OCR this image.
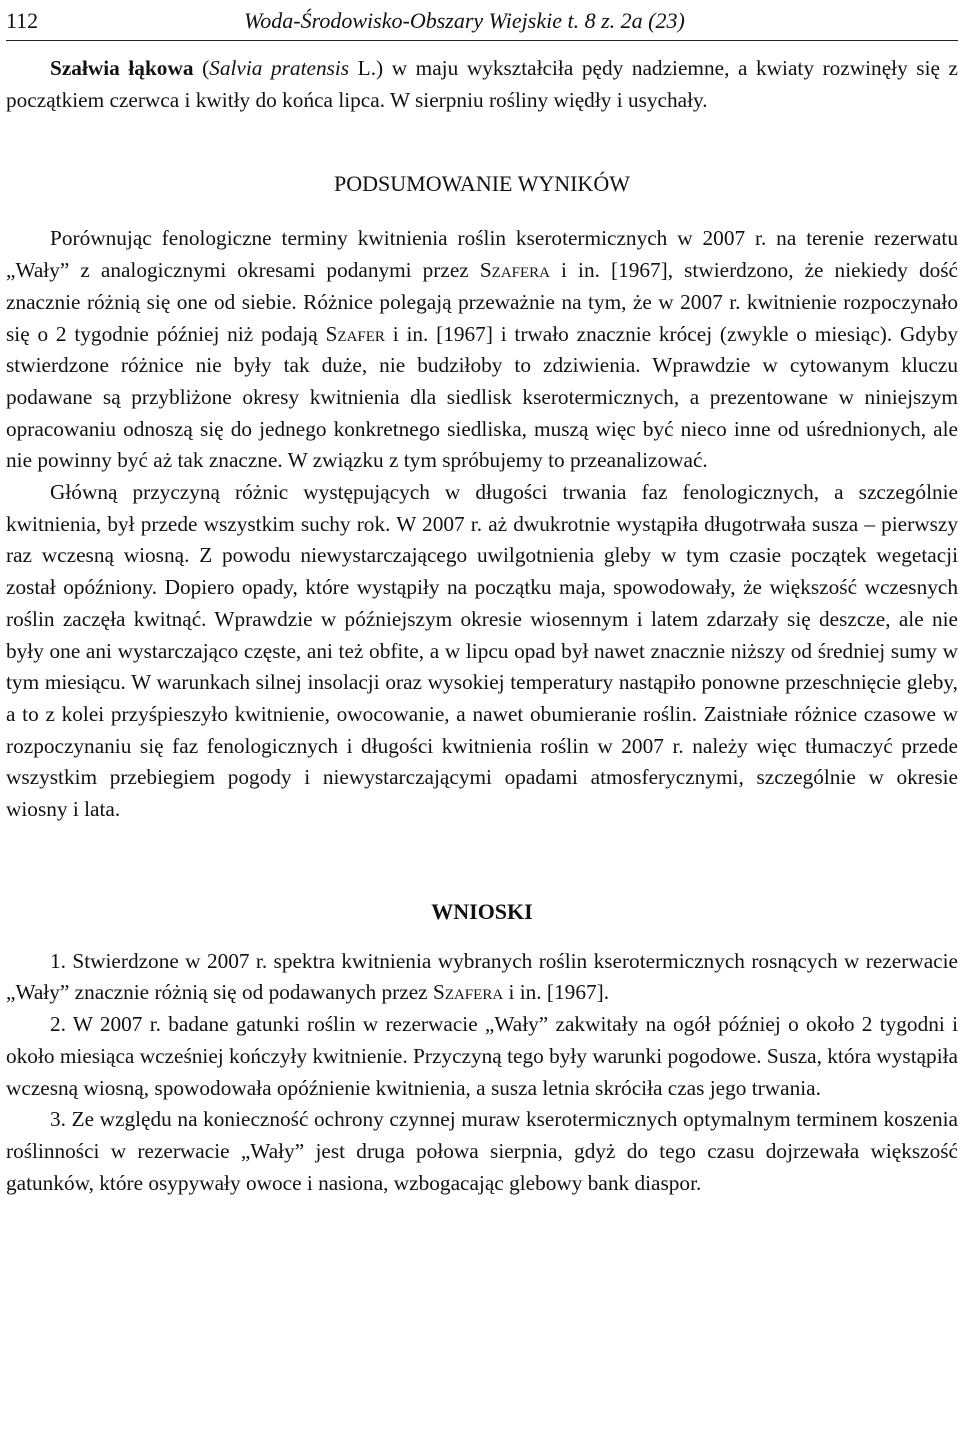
112	Woda-Środowisko-Obszary Wiejskie t. 8 z. 2a (23)

Szałwia łąkowa (Salvia pratensis L.) w maju wykształciła pędy nadziemne, a kwiaty rozwinęły się z początkiem czerwca i kwitły do końca lipca. W sierpniu rośliny więdły i usychały.

PODSUMOWANIE WYNIKÓW

Porównując fenologiczne terminy kwitnienia roślin kserotermicznych w 2007 r. na terenie rezerwatu „Wały” z analogicznymi okresami podanymi przez Szafera i in. [1967], stwierdzono, że niekiedy dość znacznie różnią się one od siebie. Różnice polegają przeważnie na tym, że w 2007 r. kwitnienie rozpoczynało się o 2 tygodnie później niż podają Szafer i in. [1967] i trwało znacznie krócej (zwykle o miesiąc). Gdyby stwierdzone różnice nie były tak duże, nie budziłoby to zdziwienia. Wprawdzie w cytowanym kluczu podawane są przybliżone okresy kwitnienia dla siedlisk kserotermicznych, a prezentowane w niniejszym opracowaniu odnoszą się do jednego konkretnego siedliska, muszą więc być nieco inne od uśrednionych, ale nie powinny być aż tak znaczne. W związku z tym spróbujemy to przeanalizować.

Główną przyczyną różnic występujących w długości trwania faz fenologicznych, a szczególnie kwitnienia, był przede wszystkim suchy rok. W 2007 r. aż dwukrotnie wystąpiła długotrwała susza – pierwszy raz wczesną wiosną. Z powodu niewystarczającego uwilgotnienia gleby w tym czasie początek wegetacji został opóźniony. Dopiero opady, które wystąpiły na początku maja, spowodowały, że większość wczesnych roślin zaczęła kwitnąć. Wprawdzie w późniejszym okresie wiosennym i latem zdarzały się deszcze, ale nie były one ani wystarczająco częste, ani też obfite, a w lipcu opad był nawet znacznie niższy od średniej sumy w tym miesiącu. W warunkach silnej insolacji oraz wysokiej temperatury nastąpiło ponowne przeschnięcie gleby, a to z kolei przyśpieszyło kwitnienie, owocowanie, a nawet obumieranie roślin. Zaistniałe różnice czasowe w rozpoczynaniu się faz fenologicznych i długości kwitnienia roślin w 2007 r. należy więc tłumaczyć przede wszystkim przebiegiem pogody i niewystarczającymi opadami atmosferycznymi, szczególnie w okresie wiosny i lata.

WNIOSKI

1. Stwierdzone w 2007 r. spektra kwitnienia wybranych roślin kserotermicznych rosnących w rezerwacie „Wały” znacznie różnią się od podawanych przez Szafera i in. [1967].

2. W 2007 r. badane gatunki roślin w rezerwacie „Wały” zakwitały na ogół później o około 2 tygodni i około miesiąca wcześniej kończyły kwitnienie. Przyczyną tego były warunki pogodowe. Susza, która wystąpiła wczesną wiosną, spowodowała opóźnienie kwitnienia, a susza letnia skróciła czas jego trwania.

3. Ze względu na konieczność ochrony czynnej muraw kserotermicznych optymalnym terminem koszenia roślinności w rezerwacie „Wały” jest druga połowa sierpnia, gdyż do tego czasu dojrzewała większość gatunków, które osypywały owoce i nasiona, wzbogacając glebowy bank diaspor.
